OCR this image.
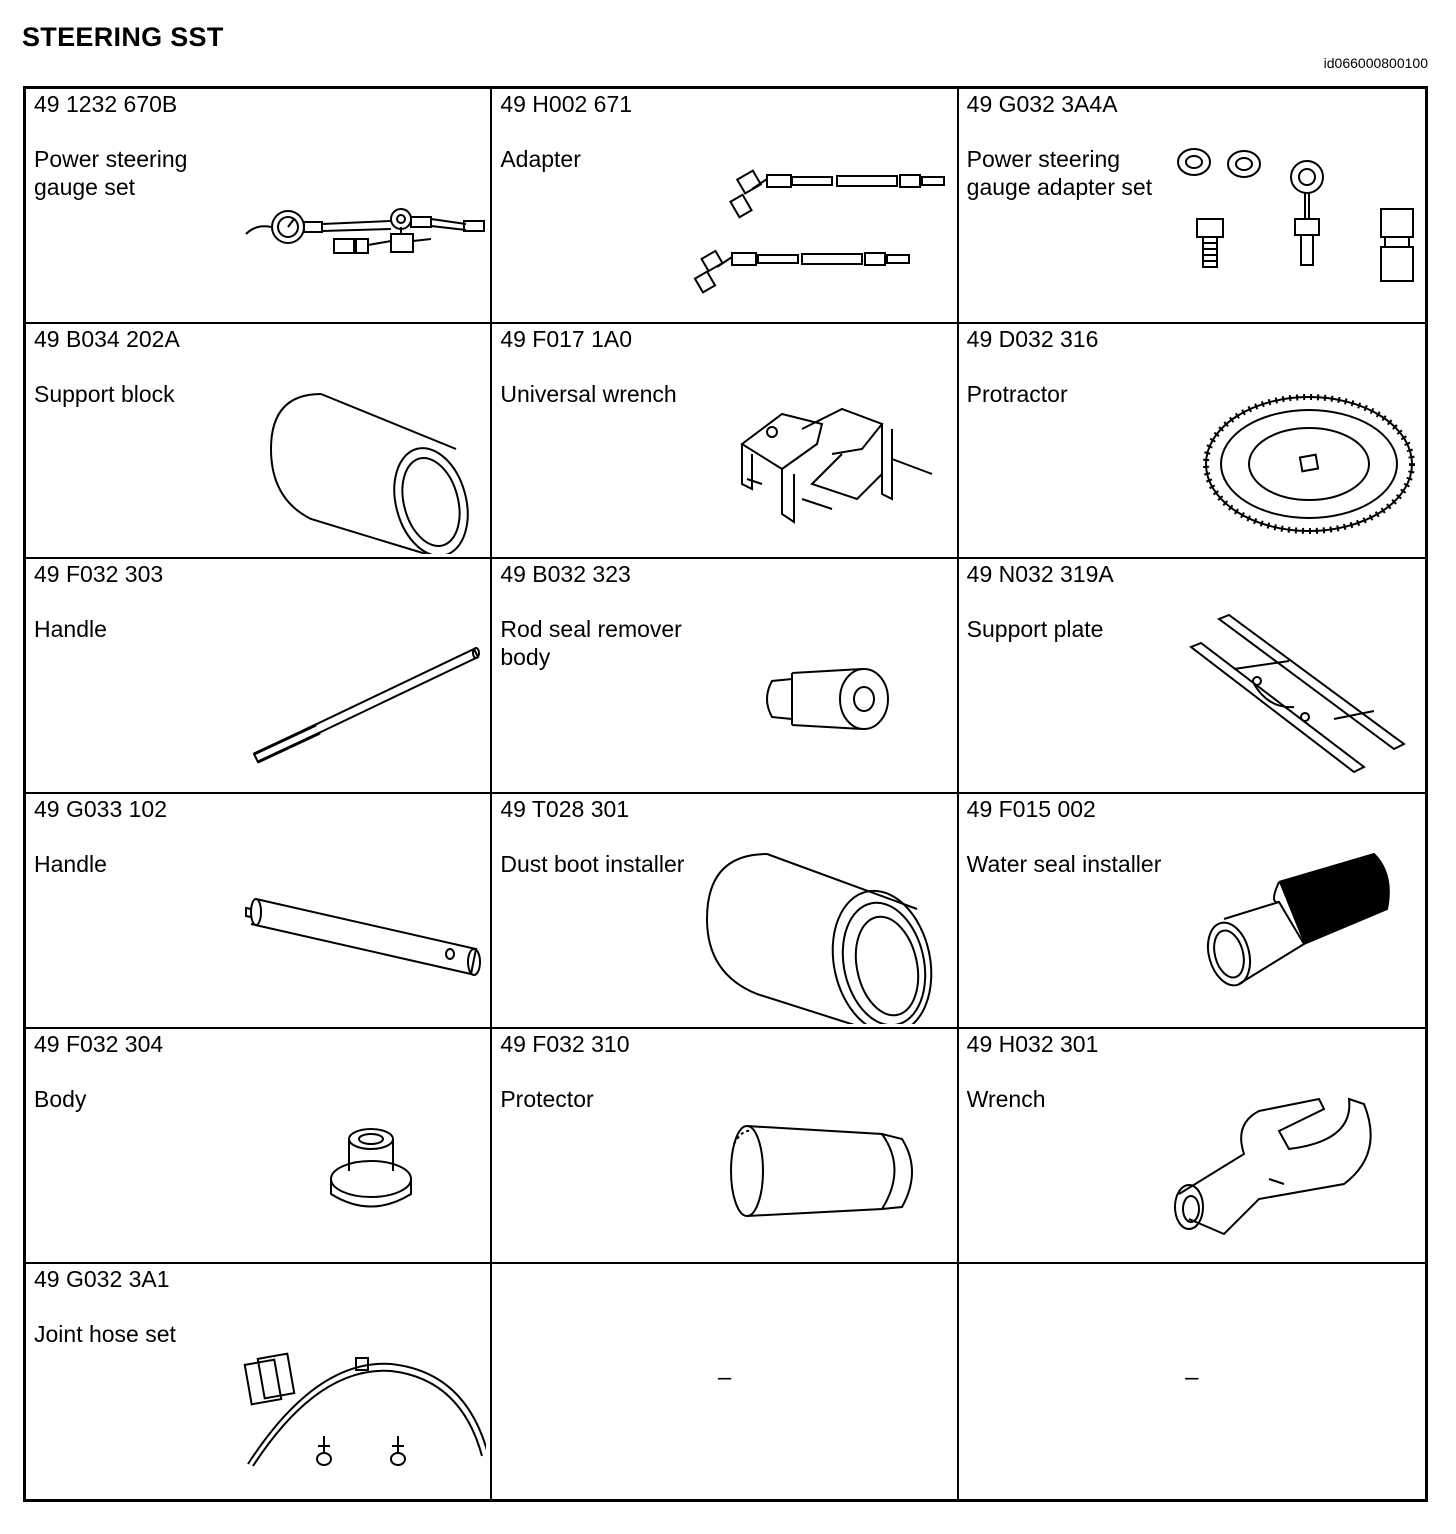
STEERING SST
id066000800100
49 1232 670B
Power steering gauge set
49 H002 671
Adapter
49 G032 3A4A
Power steering gauge adapter set
49 B034 202A
Support block
49 F017 1A0
Universal wrench
49 D032 316
Protractor
49 F032 303
Handle
49 B032 323
Rod seal remover body
49 N032 319A
Support plate
49 G033 102
Handle
49 T028 301
Dust boot installer
49 F015 002
Water seal installer
49 F032 304
Body
49 F032 310
Protector
49 H032 301
Wrench
49 G032 3A1
Joint hose set
–	–
